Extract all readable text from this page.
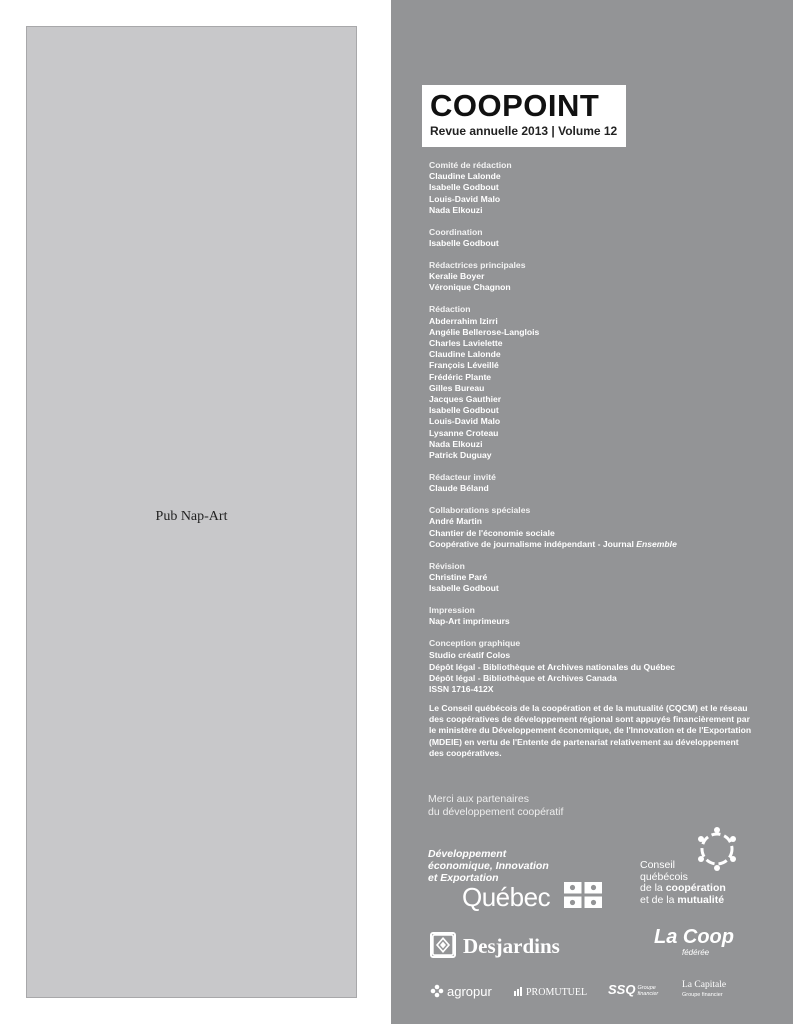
Pub Nap-Art
COOPOINT
Revue annuelle 2013 | Volume 12
Comité de rédaction
Claudine Lalonde
Isabelle Godbout
Louis-David Malo
Nada Elkouzi
Coordination
Isabelle Godbout
Rédactrices principales
Keralie Boyer
Véronique Chagnon
Rédaction
Abderrahim Izirri
Angélie Bellerose-Langlois
Charles Lavielette
Claudine Lalonde
François Léveillé
Frédéric Plante
Gilles Bureau
Jacques Gauthier
Isabelle Godbout
Louis-David Malo
Lysanne Croteau
Nada Elkouzi
Patrick Duguay
Rédacteur invité
Claude Béland
Collaborations spéciales
André Martin
Chantier de l'économie sociale
Coopérative de journalisme indépendant - Journal Ensemble
Révision
Christine Paré
Isabelle Godbout
Impression
Nap-Art imprimeurs
Conception graphique
Studio créatif Colos
Dépôt légal - Bibliothèque et Archives nationales du Québec
Dépôt légal - Bibliothèque et Archives Canada
ISSN 1716-412X
Le Conseil québécois de la coopération et de la mutualité (CQCM) et le réseau
des coopératives de développement régional sont appuyés financièrement par
le ministère du Développement économique, de l'Innovation et de l'Exportation
(MDEIE) en vertu de l'Entente de partenariat relativement au développement
des coopératives.
Merci aux partenaires
du développement coopératif
Développement
économique, Innovation
et Exportation
Québec
Conseil
québécois
de la coopération
et de la mutualité
Desjardins	La Coop
fédérée
agropur	PROMUTUEL SSQ Groupe
financier
La Capitale
Groupe financier
